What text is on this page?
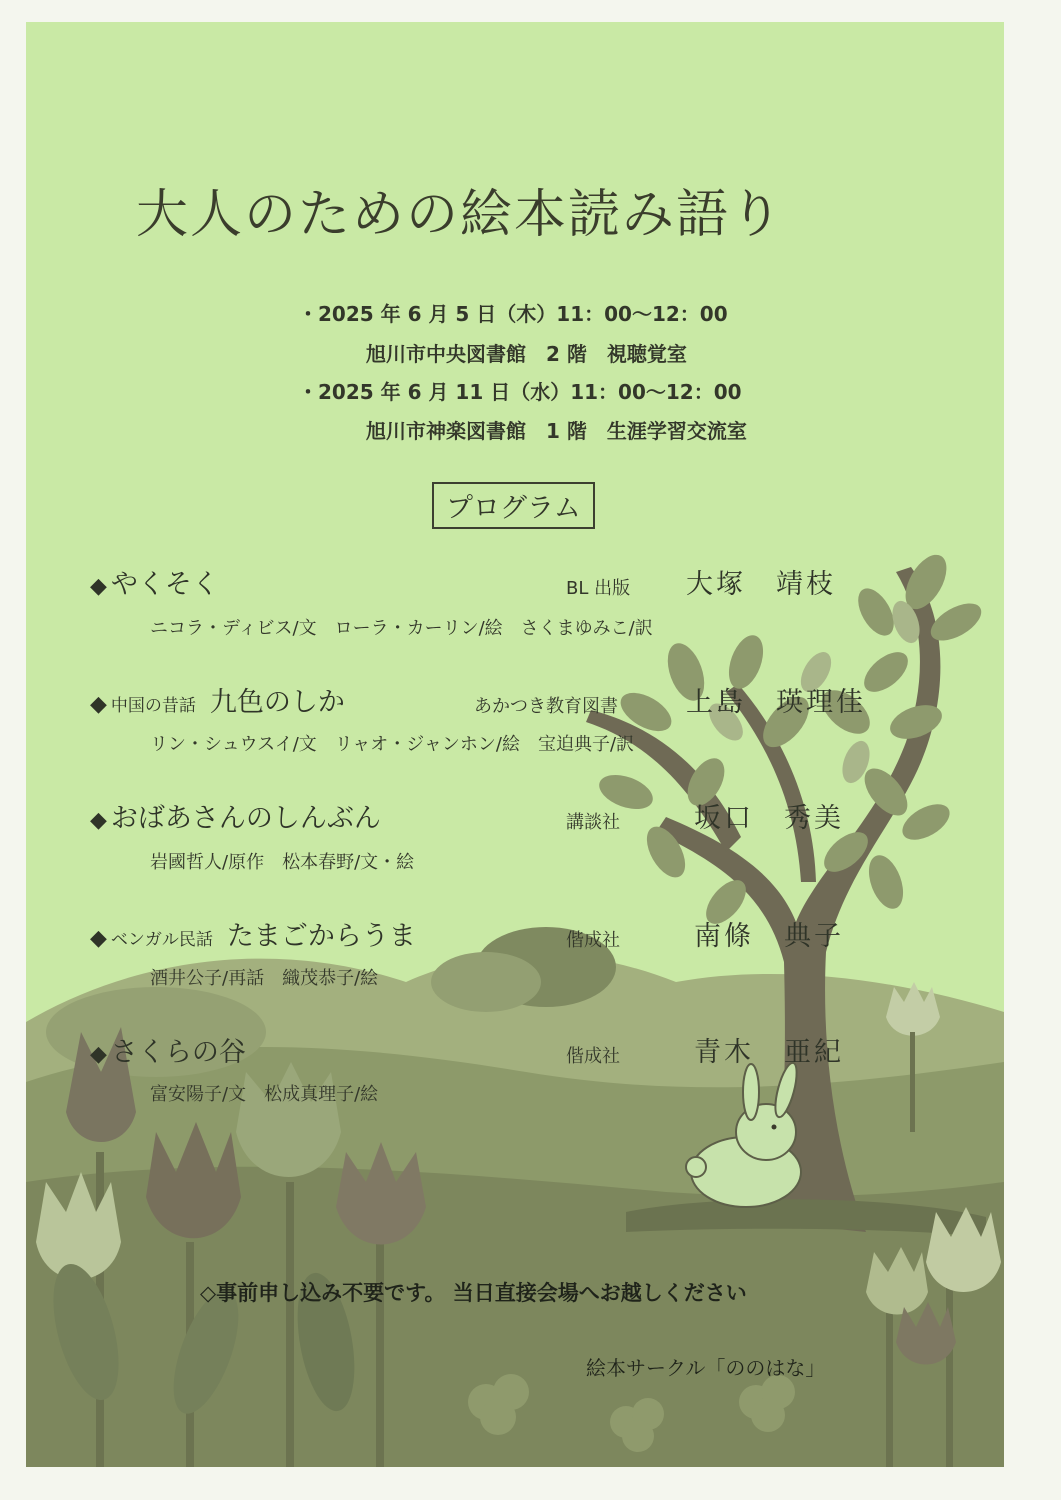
大人のための絵本読み語り
・2025 年 6 月 5 日（木）11：00～12：00
旭川市中央図書館　2 階　視聴覚室
・2025 年 6 月 11 日（水）11：00～12：00
旭川市神楽図書館　1 階　生涯学習交流室
プログラム
◆ やくそく	BL 出版 大塚　靖枝
ニコラ・ディビス/文　ローラ・カーリン/絵　さくまゆみこ/訳
◆ 中国の昔話 九色のしか	あかつき教育図書	上島　瑛理佳
リン・シュウスイ/文　リャオ・ジャンホン/絵　宝迫典子/訳
◆ おばあさんのしんぶん	講談社	坂口　秀美
岩國哲人/原作　松本春野/文・絵
◆ ベンガル民話 たまごからうま	偕成社	南條　典子
酒井公子/再話　織茂恭子/絵
◆ さくらの谷	偕成社	青木　亜紀
富安陽子/文　松成真理子/絵
◇事前申し込み不要です。 当日直接会場へお越しください
絵本サークル「ののはな」
